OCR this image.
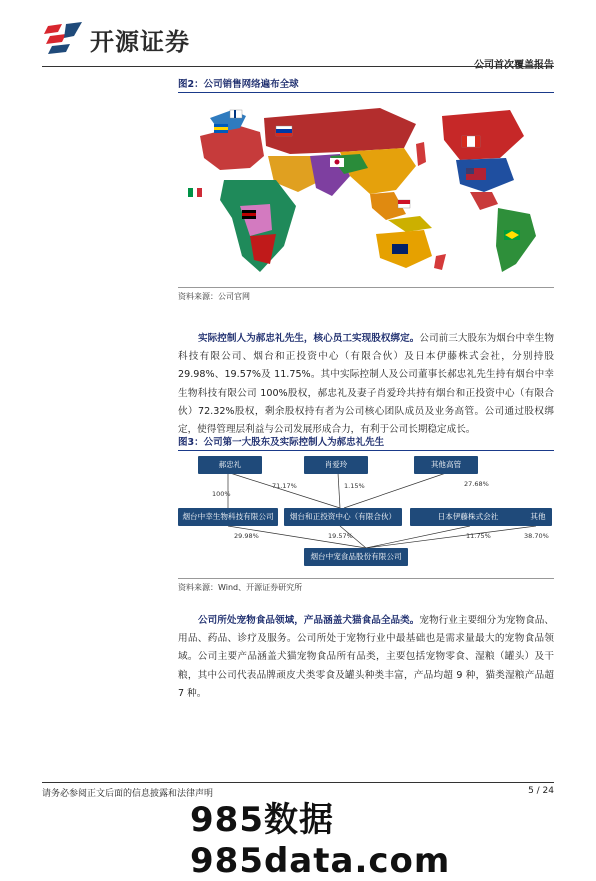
开源证券
公司首次覆盖报告
图2：公司销售网络遍布全球
资料来源：公司官网
实际控制人为郝忠礼先生，核心员工实现股权绑定。公司前三大股东为烟台中幸生物科技有限公司、烟台和正投资中心（有限合伙）及日本伊藤株式会社，分别持股 29.98%、19.57%及 11.75%。其中实际控制人及公司董事长郝忠礼先生持有烟台中幸生物科技有限公司 100%股权，郝忠礼及妻子肖爱玲共持有烟台和正投资中心（有限合伙）72.32%股权，剩余股权持有者为公司核心团队成员及业务高管。公司通过股权绑定，使得管理层利益与公司发展形成合力，有利于公司长期稳定成长。
图3：公司第一大股东及实际控制人为郝忠礼先生
郝忠礼	肖爱玲	其他高管
烟台中幸生物科技有限公司	烟台和正投资中心（有限合伙）	日本伊藤株式会社	其他
烟台中宠食品股份有限公司
100%
71.17%	1.15%	27.68%
29.98%	19.57%	11.75%	38.70%
资料来源：Wind、开源证券研究所
公司所处宠物食品领域，产品涵盖犬猫食品全品类。宠物行业主要细分为宠物食品、用品、药品、诊疗及服务。公司所处于宠物行业中最基础也是需求量最大的宠物食品领域。公司主要产品涵盖犬猫宠物食品所有品类，主要包括宠物零食、湿粮（罐头）及干粮，其中公司代表品牌顽皮犬类零食及罐头种类丰富，产品均超 9 种，猫类湿粮产品超 7 种。
请务必参阅正文后面的信息披露和法律声明	5 / 24
985数据 985data.com
